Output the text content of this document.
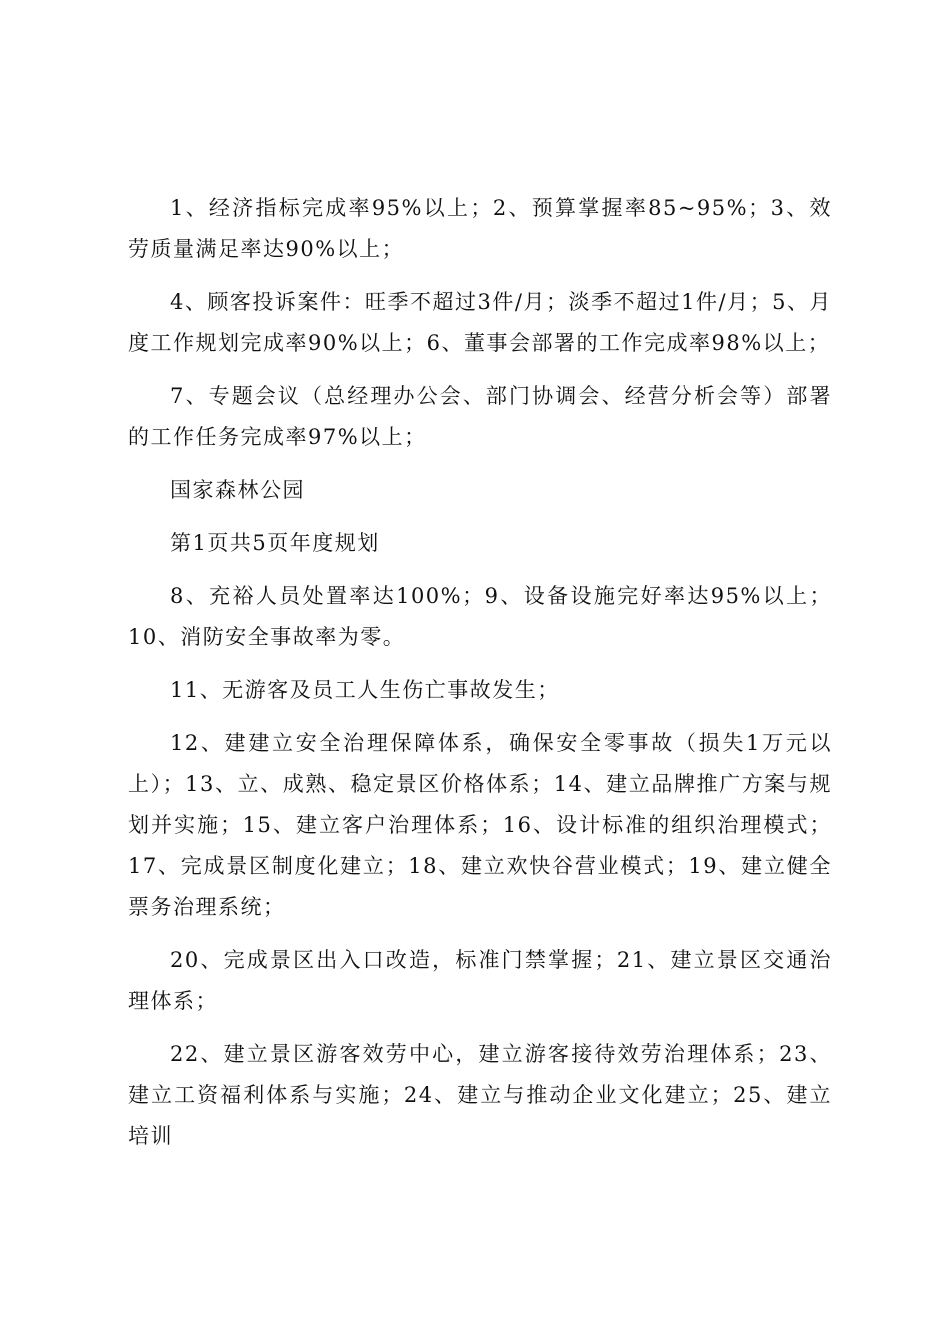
1、经济指标完成率95%以上；2、预算掌握率85~95%；3、效劳质量满足率达90%以上；

4、顾客投诉案件：旺季不超过3件/月；淡季不超过1件/月；5、月度工作规划完成率90%以上；6、董事会部署的工作完成率98%以上；

7、专题会议（总经理办公会、部门协调会、经营分析会等）部署的工作任务完成率97%以上；

国家森林公园

第1页共5页年度规划

8、充裕人员处置率达100%；9、设备设施完好率达95%以上；10、消防安全事故率为零。

11、无游客及员工人生伤亡事故发生；

12、建建立安全治理保障体系，确保安全零事故（损失1万元以上）；13、立、成熟、稳定景区价格体系；14、建立品牌推广方案与规划并实施；15、建立客户治理体系；16、设计标准的组织治理模式；17、完成景区制度化建立；18、建立欢快谷营业模式；19、建立健全票务治理系统；

20、完成景区出入口改造，标准门禁掌握；21、建立景区交通治理体系；

22、建立景区游客效劳中心，建立游客接待效劳治理体系；23、建立工资福利体系与实施；24、建立与推动企业文化建立；25、建立培训
